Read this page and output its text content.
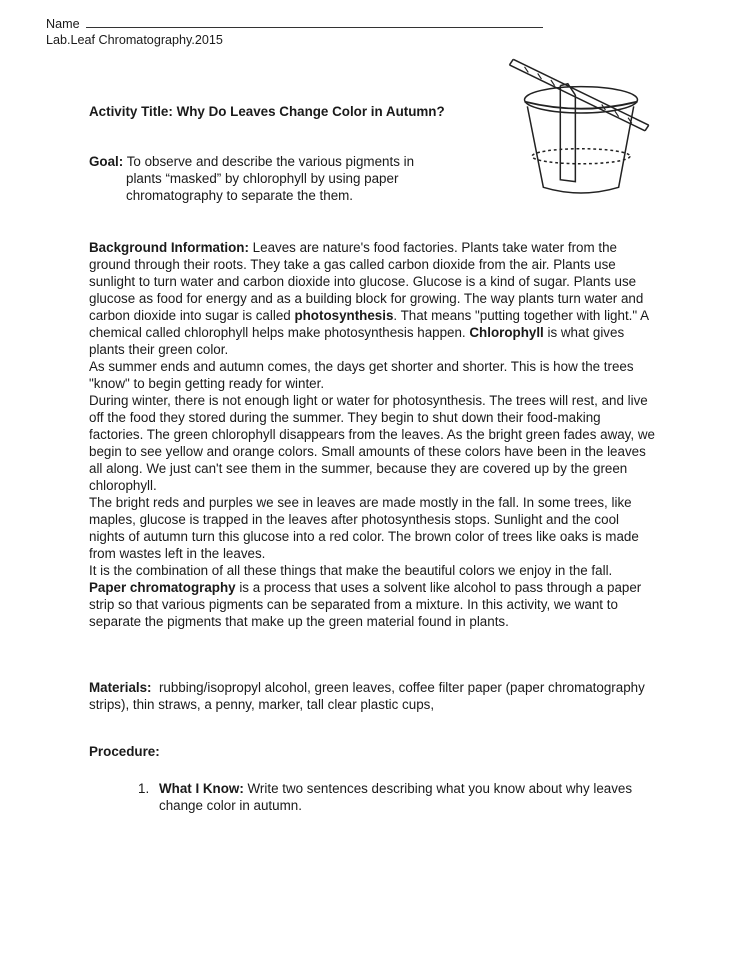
Name
Lab.Leaf Chromatography.2015
Activity Title: Why Do Leaves Change Color in Autumn?
Goal: To observe and describe the various pigments in
plants “masked” by chlorophyll by using paper chromatography to separate the them.

Background Information: Leaves are nature's food factories. Plants take water from the ground through their roots. They take a gas called carbon dioxide from the air. Plants use sunlight to turn water and carbon dioxide into glucose. Glucose is a kind of sugar. Plants use glucose as food for energy and as a building block for growing. The way plants turn water and carbon dioxide into sugar is called photosynthesis. That means "putting together with light." A chemical called chlorophyll helps make photosynthesis happen. Chlorophyll is what gives plants their green color.

As summer ends and autumn comes, the days get shorter and shorter. This is how the trees "know" to begin getting ready for winter.

During winter, there is not enough light or water for photosynthesis. The trees will rest, and live off the food they stored during the summer. They begin to shut down their food-making factories. The green chlorophyll disappears from the leaves. As the bright green fades away, we begin to see yellow and orange colors. Small amounts of these colors have been in the leaves all along. We just can't see them in the summer, because they are covered up by the green chlorophyll.

The bright reds and purples we see in leaves are made mostly in the fall. In some trees, like maples, glucose is trapped in the leaves after photosynthesis stops. Sunlight and the cool nights of autumn turn this glucose into a red color. The brown color of trees like oaks is made from wastes left in the leaves.

It is the combination of all these things that make the beautiful colors we enjoy in the fall.

Paper chromatography is a process that uses a solvent like alcohol to pass through a paper strip so that various pigments can be separated from a mixture. In this activity, we want to separate the pigments that make up the green material found in plants.

Materials:  rubbing/isopropyl alcohol, green leaves, coffee filter paper (paper chromatography strips), thin straws, a penny, marker, tall clear plastic cups,
Procedure:
1. What I Know: Write two sentences describing what you know about why leaves change color in autumn.
